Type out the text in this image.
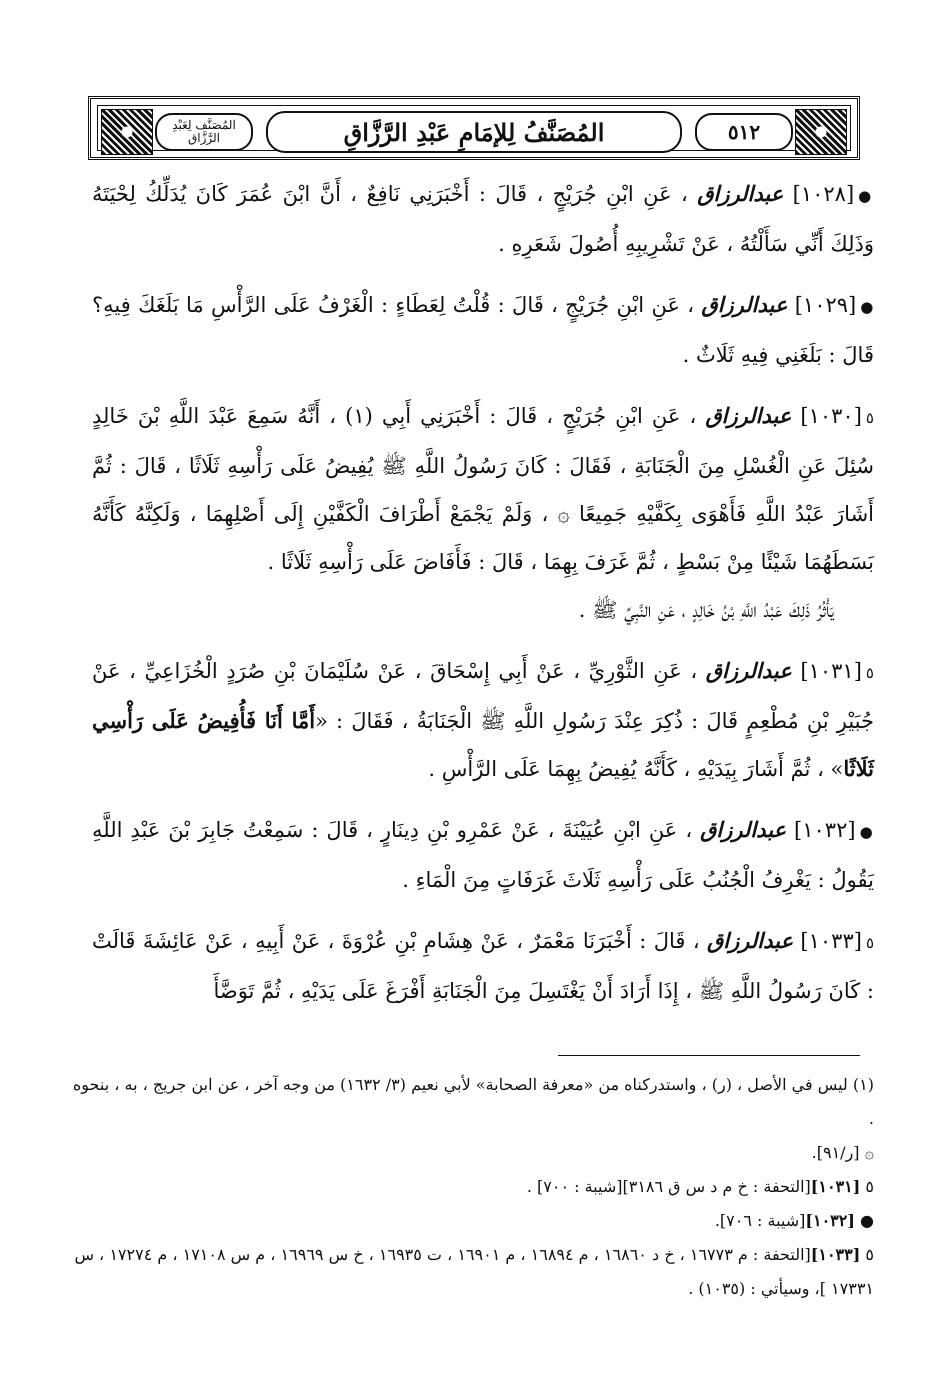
المُصَنَّف لِعَبْدِ الرَّزَّاق	المُصَنَّفُ لِلإمَامِ عَبْدِ الرَّزَّاقِ	٥١٢

●[١٠٢٨] عبدالرزاق ، عَنِ ابْنِ جُرَيْجٍ ، قَالَ : أَخْبَرَنِي نَافِعٌ ، أَنَّ ابْنَ عُمَرَ كَانَ يُدَلِّكُ لِحْيَتَهُ وَذَلِكَ أَنِّي سَأَلْتُهُ ، عَنْ تَشْرِيبِهِ أُصُولَ شَعَرِهِ .

●[١٠٢٩] عبدالرزاق ، عَنِ ابْنِ جُرَيْجٍ ، قَالَ : قُلْتُ لِعَطَاءٍ : الْغَرْفُ عَلَى الرَّأْسِ مَا بَلَغَكَ فِيهِ؟ قَالَ : بَلَغَنِي فِيهِ ثَلَاثٌ .

٥[١٠٣٠] عبدالرزاق ، عَنِ ابْنِ جُرَيْجٍ ، قَالَ : أَخْبَرَنِي أَبِي (١) ، أَنَّهُ سَمِعَ عَبْدَ اللَّهِ بْنَ خَالِدٍ سُئِلَ عَنِ الْغُسْلِ مِنَ الْجَنَابَةِ ، فَقَالَ : كَانَ رَسُولُ اللَّهِ ﷺ يُفِيضُ عَلَى رَأْسِهِ ثَلَاثًا ، قَالَ : ثُمَّ أَشَارَ عَبْدُ اللَّهِ فَأَهْوَى بِكَفَّيْهِ جَمِيعًا ۞ ، وَلَمْ يَجْمَعْ أَطْرَافَ الْكَفَّيْنِ إِلَى أَصْلِهِمَا ، وَلَكِنَّهُ كَأَنَّهُ بَسَطَهُمَا شَيْئًا مِنْ بَسْطٍ ، ثُمَّ غَرَفَ بِهِمَا ، قَالَ : فَأَفَاضَ عَلَى رَأْسِهِ ثَلَاثًا .

يَأْثُرُ ذَلِكَ عَبْدُ اللَّهِ بْنُ خَالِدٍ ، عَنِ النَّبِيِّ ﷺ .

٥[١٠٣١] عبدالرزاق ، عَنِ الثَّوْرِيِّ ، عَنْ أَبِي إِسْحَاقَ ، عَنْ سُلَيْمَانَ بْنِ صُرَدٍ الْخُزَاعِيِّ ، عَنْ جُبَيْرِ بْنِ مُطْعِمٍ قَالَ : ذُكِرَ عِنْدَ رَسُولِ اللَّهِ ﷺ الْجَنَابَةُ ، فَقَالَ : «أَمَّا أَنَا فَأُفِيضُ عَلَى رَأْسِي ثَلَاثًا» ، ثُمَّ أَشَارَ بِيَدَيْهِ ، كَأَنَّهُ يُفِيضُ بِهِمَا عَلَى الرَّأْسِ .

●[١٠٣٢] عبدالرزاق ، عَنِ ابْنِ عُيَيْنَةَ ، عَنْ عَمْرِو بْنِ دِينَارٍ ، قَالَ : سَمِعْتُ جَابِرَ بْنَ عَبْدِ اللَّهِ يَقُولُ : يَغْرِفُ الْجُنُبُ عَلَى رَأْسِهِ ثَلَاثَ غَرَفَاتٍ مِنَ الْمَاءِ .

٥[١٠٣٣] عبدالرزاق ، قَالَ : أَخْبَرَنَا مَعْمَرٌ ، عَنْ هِشَامِ بْنِ عُرْوَةَ ، عَنْ أَبِيهِ ، عَنْ عَائِشَةَ قَالَتْ : كَانَ رَسُولُ اللَّهِ ﷺ ، إِذَا أَرَادَ أَنْ يَغْتَسِلَ مِنَ الْجَنَابَةِ أَفْرَغَ عَلَى يَدَيْهِ ، ثُمَّ تَوَضَّأَ

(١) ليس في الأصل ، (ر) ، واستدركناه من «معرفة الصحابة» لأبي نعيم (٣/ ١٦٣٢) من وجه آخر ، عن ابن جريج ، به ، بنحوه .

۞ [ر/٩١].

٥ [١٠٣١][التحفة : خ م د س ق ٣١٨٦][شيبة : ٧٠٠] .

● [١٠٣٢][شيبة : ٧٠٦].

٥ [١٠٣٣][التحفة : م ١٦٧٧٣ ، خ د ١٦٨٦٠ ، م ١٦٨٩٤ ، م ١٦٩٠١ ، ت ١٦٩٣٥ ، خ س ١٦٩٦٩ ، م س ١٧١٠٨ ، م ١٧٢٧٤ ، س ١٧٣٣١ ]، وسيأتي : (١٠٣٥) .
